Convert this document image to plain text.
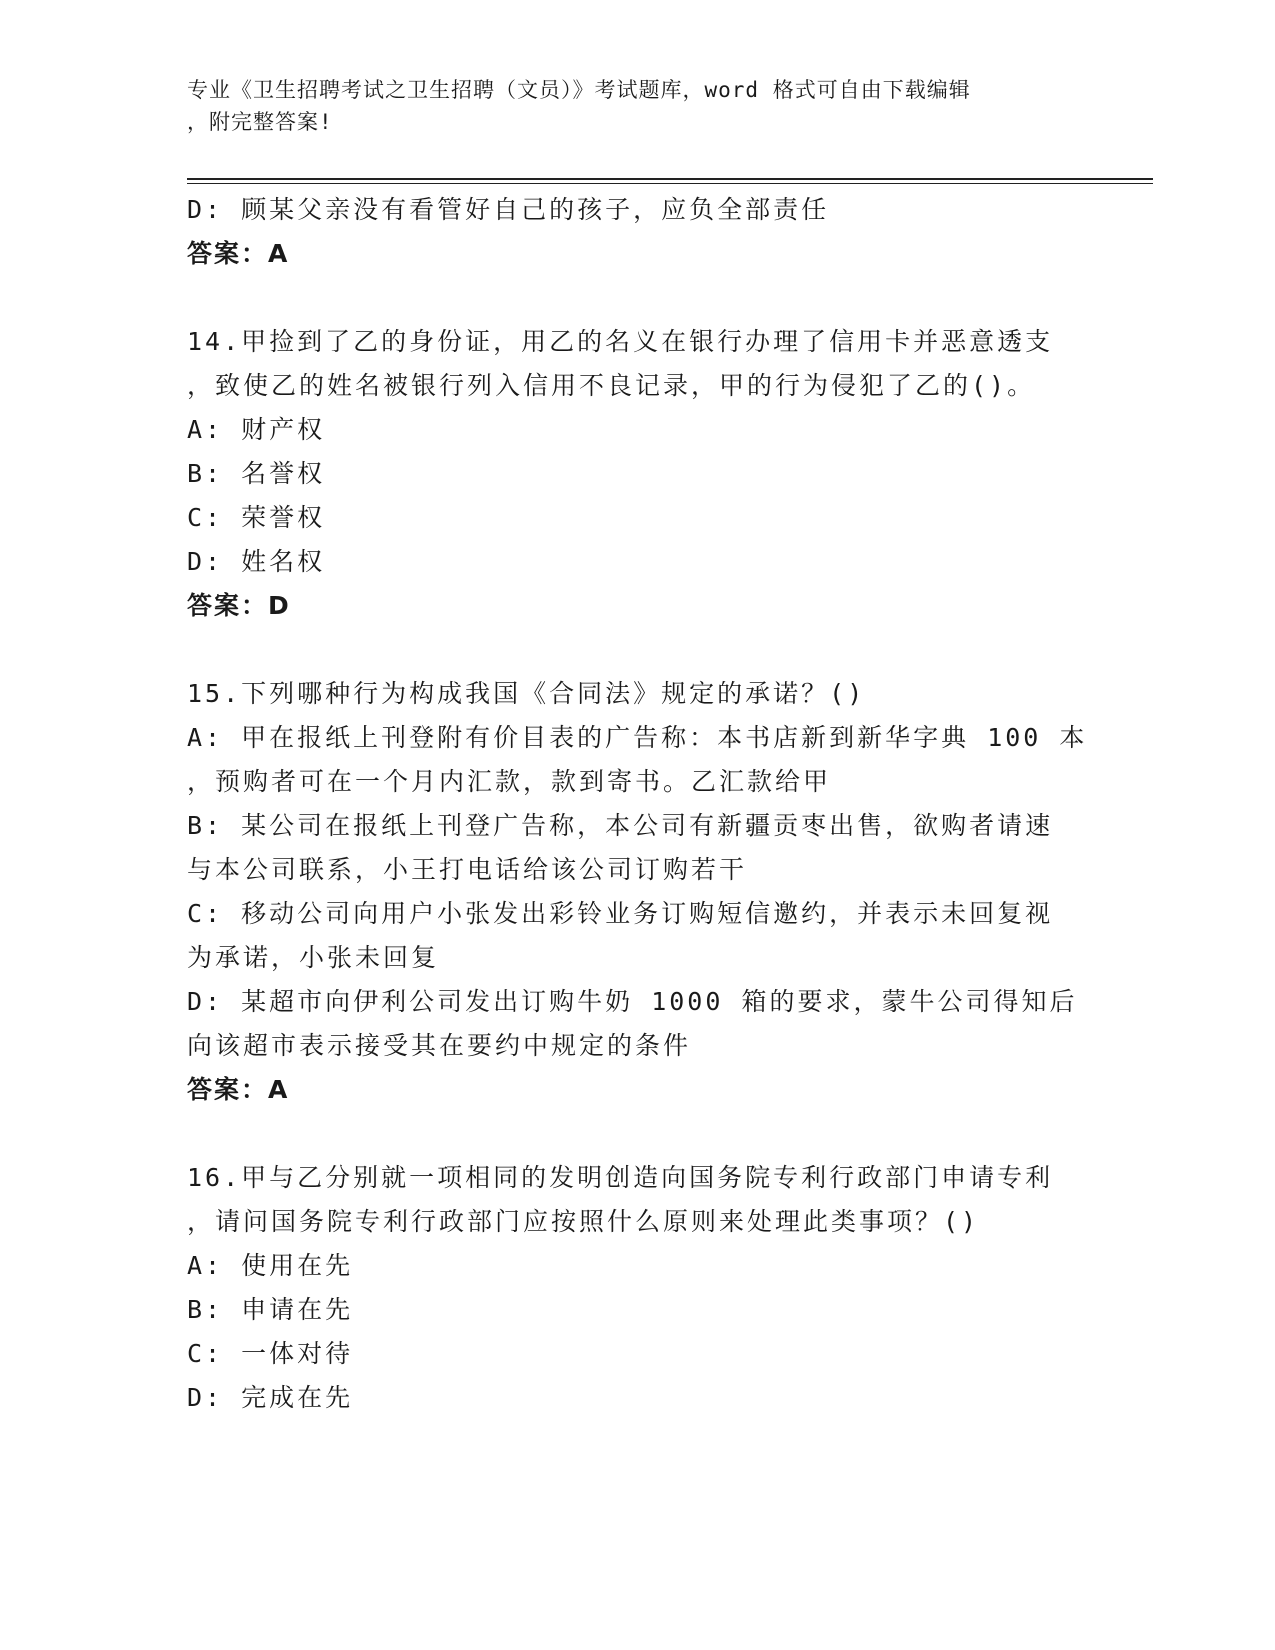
专业《卫生招聘考试之卫生招聘（文员）》考试题库，word 格式可自由下载编辑
，附完整答案!
D: 顾某父亲没有看管好自己的孩子，应负全部责任
答案：A
14.甲捡到了乙的身份证，用乙的名义在银行办理了信用卡并恶意透支
，致使乙的姓名被银行列入信用不良记录，甲的行为侵犯了乙的()。
A: 财产权
B: 名誉权
C: 荣誉权
D: 姓名权
答案：D
15.下列哪种行为构成我国《合同法》规定的承诺？()
A: 甲在报纸上刊登附有价目表的广告称：本书店新到新华字典 100 本
，预购者可在一个月内汇款，款到寄书。乙汇款给甲
B: 某公司在报纸上刊登广告称，本公司有新疆贡枣出售，欲购者请速
与本公司联系，小王打电话给该公司订购若干
C: 移动公司向用户小张发出彩铃业务订购短信邀约，并表示未回复视
为承诺，小张未回复
D: 某超市向伊利公司发出订购牛奶 1000 箱的要求，蒙牛公司得知后
向该超市表示接受其在要约中规定的条件
答案：A
16.甲与乙分别就一项相同的发明创造向国务院专利行政部门申请专利
，请问国务院专利行政部门应按照什么原则来处理此类事项？()
A: 使用在先
B: 申请在先
C: 一体对待
D: 完成在先
